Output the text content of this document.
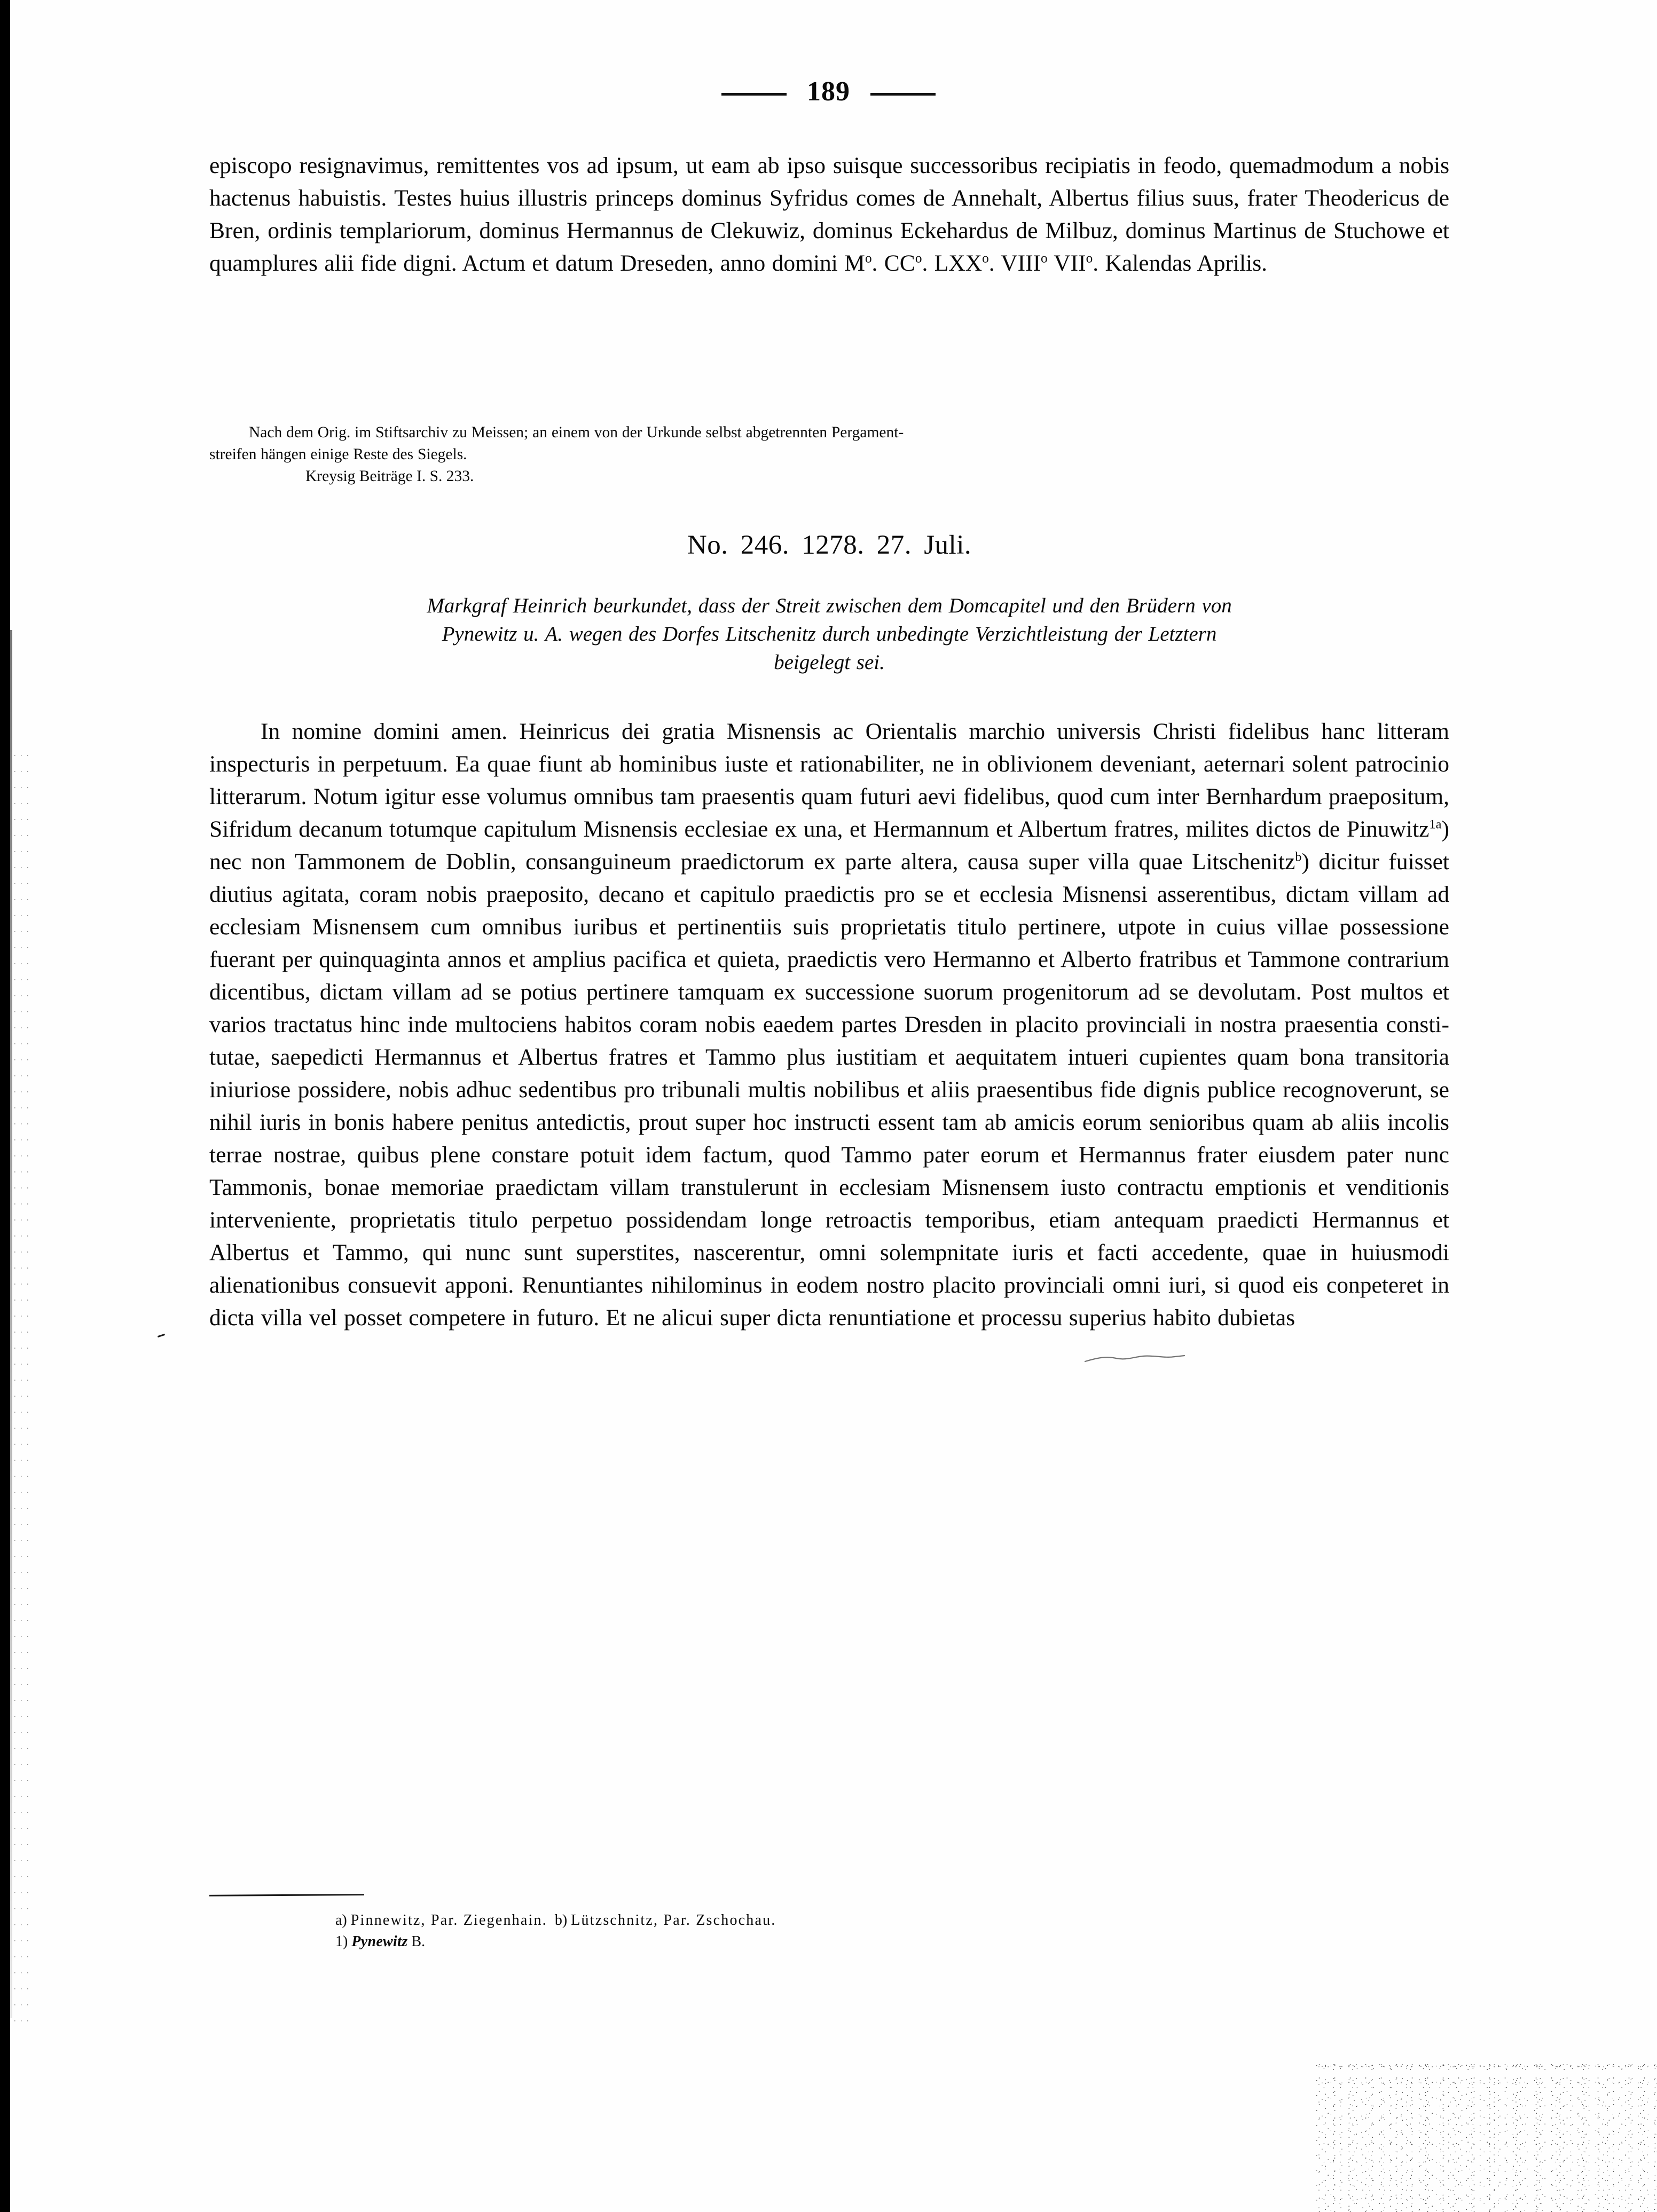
189

episcopo resignavimus, remittentes vos ad ipsum, ut eam ab ipso suisque successoribus recipiatis in feodo, quemadmodum a nobis hactenus habuistis. Testes huius illustris princeps dominus Syfridus comes de Annehalt, Albertus filius suus, frater Theodericus de Bren, ordinis templariorum, dominus Hermannus de Clekuwiz, dominus Eckehardus de Milbuz, dominus Martinus de Stuchowe et quamplures alii fide digni. Actum et datum Dreseden, anno domini $M^o$. $CC^o$. LXX$^o$. VIII$^o$ VII$^o$. Kalendas Aprilis.

Nach dem Orig. im Stiftsarchiv zu Meissen; an einem von der Urkunde selbst abgetrennten Pergament-

streifen hängen einige Reste des Siegels.

Kreysig Beiträge I. S. 233.

No. 246. 1278. 27. Juli.

Markgraf Heinrich beurkundet, dass der Streit zwischen dem Domcapitel und den Brüdern von
Pynewitz u. A. wegen des Dorfes Litschenitz durch unbedingte Verzichtleistung der Letztern
beigelegt sei.

In nomine domini amen. Heinricus dei gratia Misnensis ac Orientalis marchio universis Christi fidelibus hanc litteram inspecturis in perpetuum. Ea quae fiunt ab hominibus iuste et rationabiliter, ne in oblivionem deveniant, aeternari solent patrocinio litterarum. Notum igitur esse volumus omnibus tam praesentis quam futuri aevi fidelibus, quod cum inter Bernhardum praepositum, Sifridum decanum totumque capitulum Misnensis ecclesiae ex una, et Hermannum et Albertum fratres, milites dictos de Pinuwitz$^{1a}$) nec non Tammonem de Doblin, consanguineum praedictorum ex parte altera, causa super villa quae Litschenitz$^b$) dicitur fuisset diutius agitata, coram nobis praeposito, decano et capitulo praedictis pro se et ecclesia Misnensi asserentibus, dictam villam ad ecclesiam Misnensem cum omnibus iuribus et pertinentiis suis proprietatis titulo pertinere, utpote in cuius villae possessione fuerant per quinquaginta annos et amplius pacifica et quieta, praedictis vero Hermanno et Alberto fratribus et Tammone contrarium dicentibus, dictam villam ad se potius pertinere tamquam ex successione suorum progenitorum ad se devolutam. Post multos et varios tractatus hinc inde multociens habitos coram nobis eaedem partes Dresden in placito provinciali in nostra praesentia constitutae, saepedicti Hermannus et Albertus fratres et Tammo plus iustitiam et aequitatem intueri cupientes quam bona transitoria iniuriose possidere, nobis adhuc sedentibus pro tribunali multis nobilibus et aliis praesentibus fide dignis publice recognoverunt, se nihil iuris in bonis habere penitus antedictis, prout super hoc instructi essent tam ab amicis eorum senioribus quam ab aliis incolis terrae nostrae, quibus plene constare potuit idem factum, quod Tammo pater eorum et Hermannus frater eiusdem pater nunc Tammonis, bonae memoriae praedictam villam transtulerunt in ecclesiam Misnensem iusto contractu emptionis et venditionis interveniente, proprietatis titulo perpetuo possidendam longe retroactis temporibus, etiam antequam praedicti Hermannus et Albertus et Tammo, qui nunc sunt superstites, nascerentur, omni solempnitate iuris et facti accedente, quae in huiusmodi alienationibus consuevit apponi. Renuntiantes nihilominus in eodem nostro placito provinciali omni iuri, si quod eis conpeteret in dicta villa vel posset competere in futuro. Et ne alicui super dicta renuntiatione et processu superius habito dubietas

a) Pinnewitz, Par. Ziegenhain. b) Lützschnitz, Par. Zschochau.

1) Pynewitz B.
